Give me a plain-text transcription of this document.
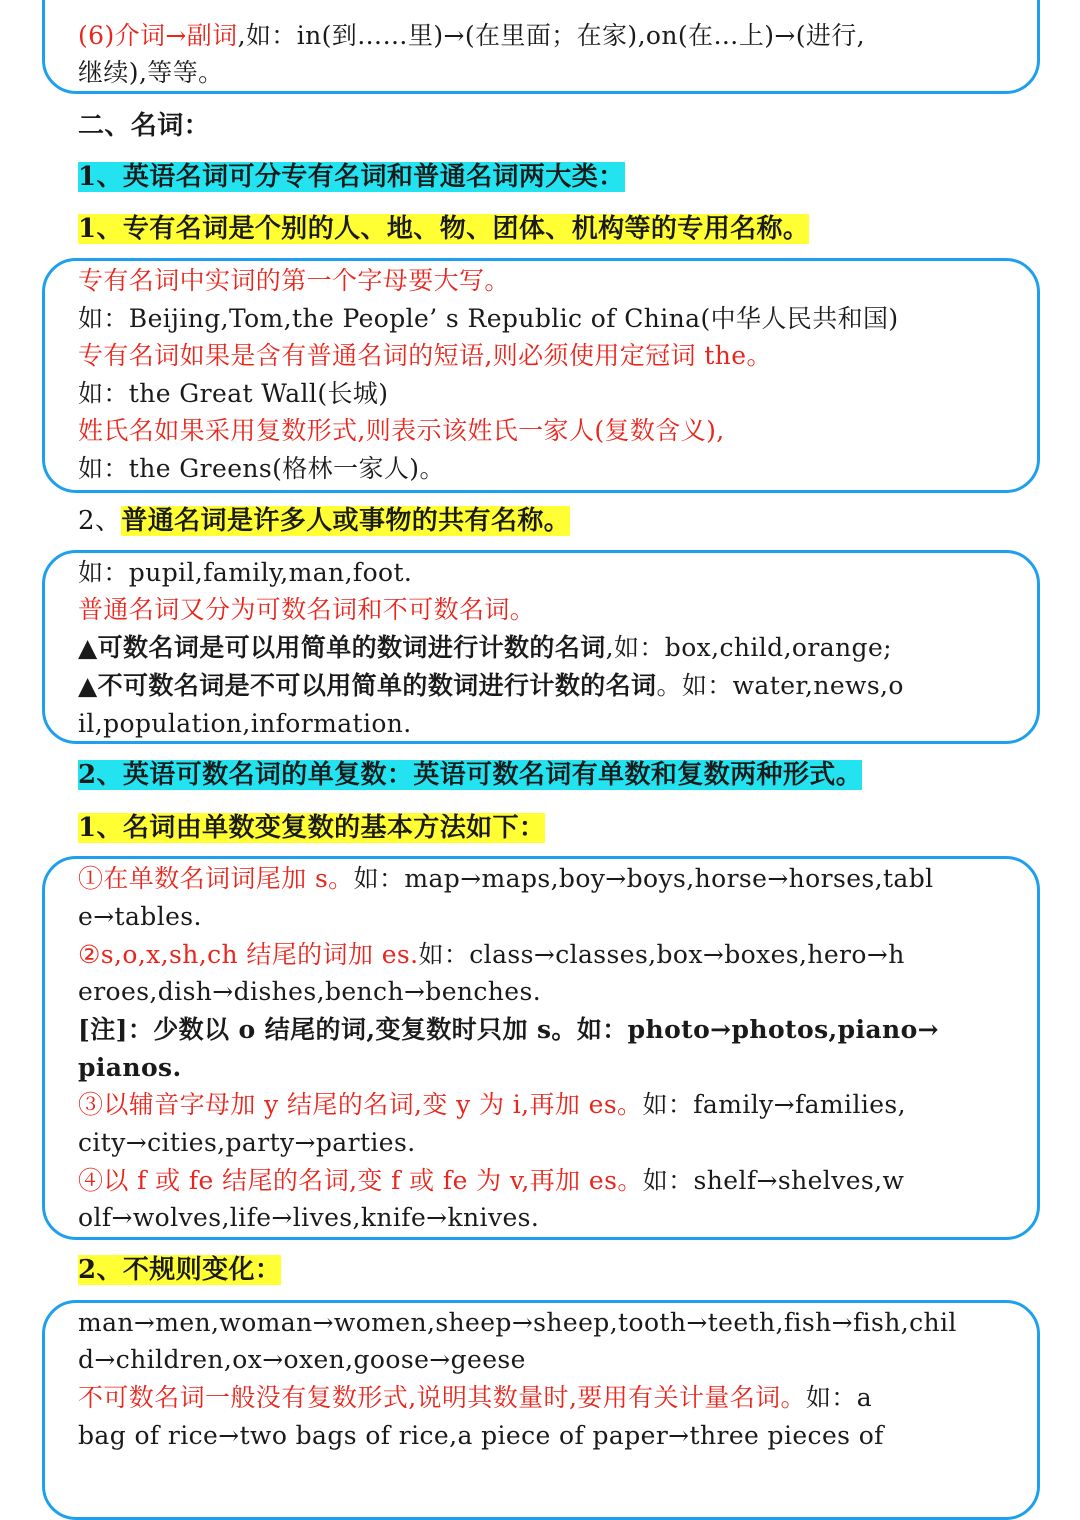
(6)介词→副词,如：in(到……里)→(在里面；在家),on(在…上)→(进行,
继续),等等。
二、名词：
1、英语名词可分专有名词和普通名词两大类：
1、专有名词是个别的人、地、物、团体、机构等的专用名称。
专有名词中实词的第一个字母要大写。
如：Beijing,Tom,the People’ s Republic of China(中华人民共和国)
专有名词如果是含有普通名词的短语,则必须使用定冠词 the。
如：the Great Wall(长城)
姓氏名如果采用复数形式,则表示该姓氏一家人(复数含义),
如：the Greens(格林一家人)。
2、普通名词是许多人或事物的共有名称。
如：pupil,family,man,foot.
普通名词又分为可数名词和不可数名词。
▲可数名词是可以用简单的数词进行计数的名词,如：box,child,orange;
▲不可数名词是不可以用简单的数词进行计数的名词。如：water,news,o
il,population,information.
2、英语可数名词的单复数：英语可数名词有单数和复数两种形式。
1、名词由单数变复数的基本方法如下：
①在单数名词词尾加 s。如：map→maps,boy→boys,horse→horses,tabl
e→tables.
②s,o,x,sh,ch 结尾的词加 es.如：class→classes,box→boxes,hero→h
eroes,dish→dishes,bench→benches.
[注]：少数以 o 结尾的词,变复数时只加 s。如：photo→photos,piano→
pianos.
③以辅音字母加 y 结尾的名词,变 y 为 i,再加 es。如：family→families,
city→cities,party→parties.
④以 f 或 fe 结尾的名词,变 f 或 fe 为 v,再加 es。如：shelf→shelves,w
olf→wolves,life→lives,knife→knives.
2、不规则变化：
man→men,woman→women,sheep→sheep,tooth→teeth,fish→fish,chil
d→children,ox→oxen,goose→geese
不可数名词一般没有复数形式,说明其数量时,要用有关计量名词。如：a
bag of rice→two bags of rice,a piece of paper→three pieces of
